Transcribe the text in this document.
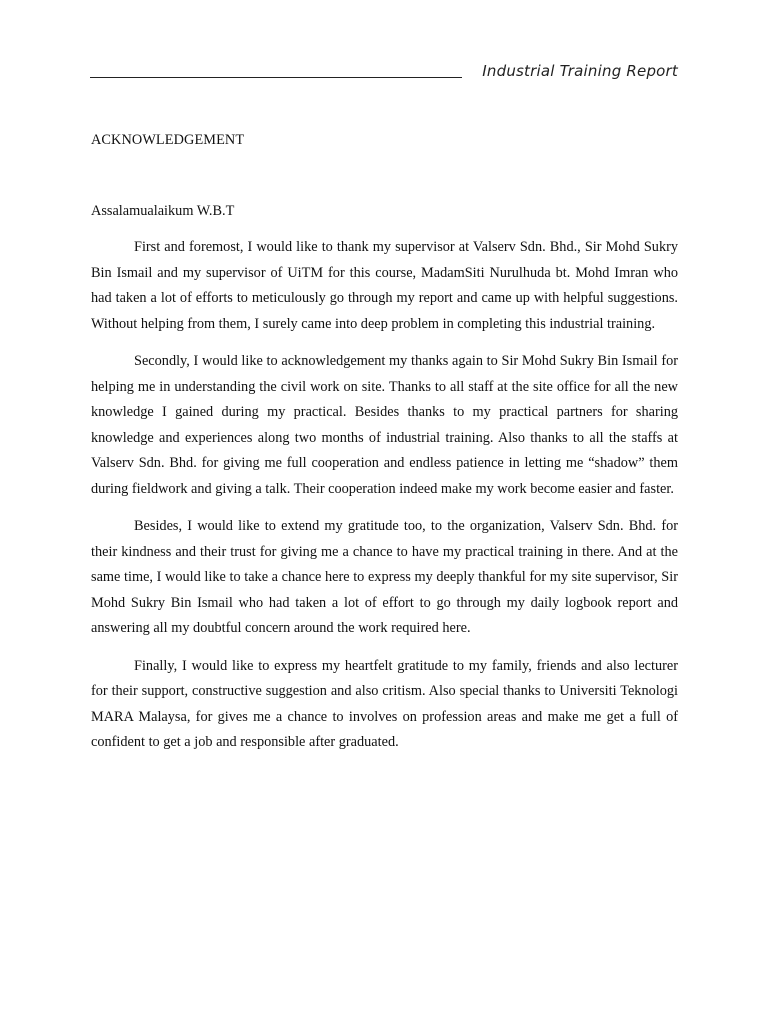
Industrial Training Report
ACKNOWLEDGEMENT

Assalamualaikum W.B.T

First and foremost, I would like to thank my supervisor at Valserv Sdn. Bhd., Sir Mohd Sukry Bin Ismail and my supervisor of UiTM for this course, MadamSiti Nurulhuda bt. Mohd Imran who had taken a lot of efforts to meticulously go through my report and came up with helpful suggestions. Without helping from them, I surely came into deep problem in completing this industrial training.

Secondly, I would like to acknowledgement my thanks again to Sir Mohd Sukry Bin Ismail for helping me in understanding the civil work on site. Thanks to all staff at the site office for all the new knowledge I gained during my practical. Besides thanks to my practical partners for sharing knowledge and experiences along two months of industrial training. Also thanks to all the staffs at Valserv Sdn. Bhd. for giving me full cooperation and endless patience in letting me “shadow” them during fieldwork and giving a talk. Their cooperation indeed make my work become easier and faster.

Besides, I would like to extend my gratitude too, to the organization, Valserv Sdn. Bhd. for their kindness and their trust for giving me a chance to have my practical training in there. And at the same time, I would like to take a chance here to express my deeply thankful for my site supervisor, Sir Mohd Sukry Bin Ismail who had taken a lot of effort to go through my daily logbook report and answering all my doubtful concern around the work required here.

Finally, I would like to express my heartfelt gratitude to my family, friends and also lecturer for their support, constructive suggestion and also critism. Also special thanks to Universiti Teknologi MARA Malaysa, for gives me a chance to involves on profession areas and make me get a full of confident to get a job and responsible after graduated.
